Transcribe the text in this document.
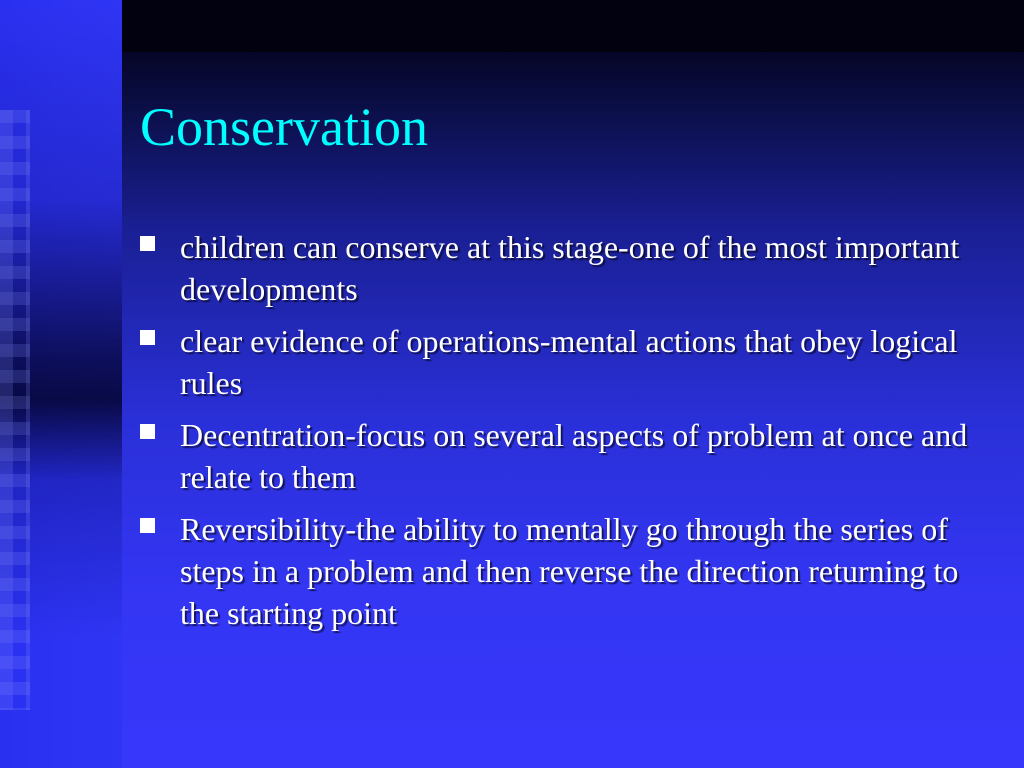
Conservation
children can conserve at this stage-one of the most important developments
clear evidence of operations-mental actions that obey logical rules
Decentration-focus on several aspects of problem at once and relate to them
Reversibility-the ability to mentally go through the series of steps in a problem and then reverse the direction returning to the starting point
